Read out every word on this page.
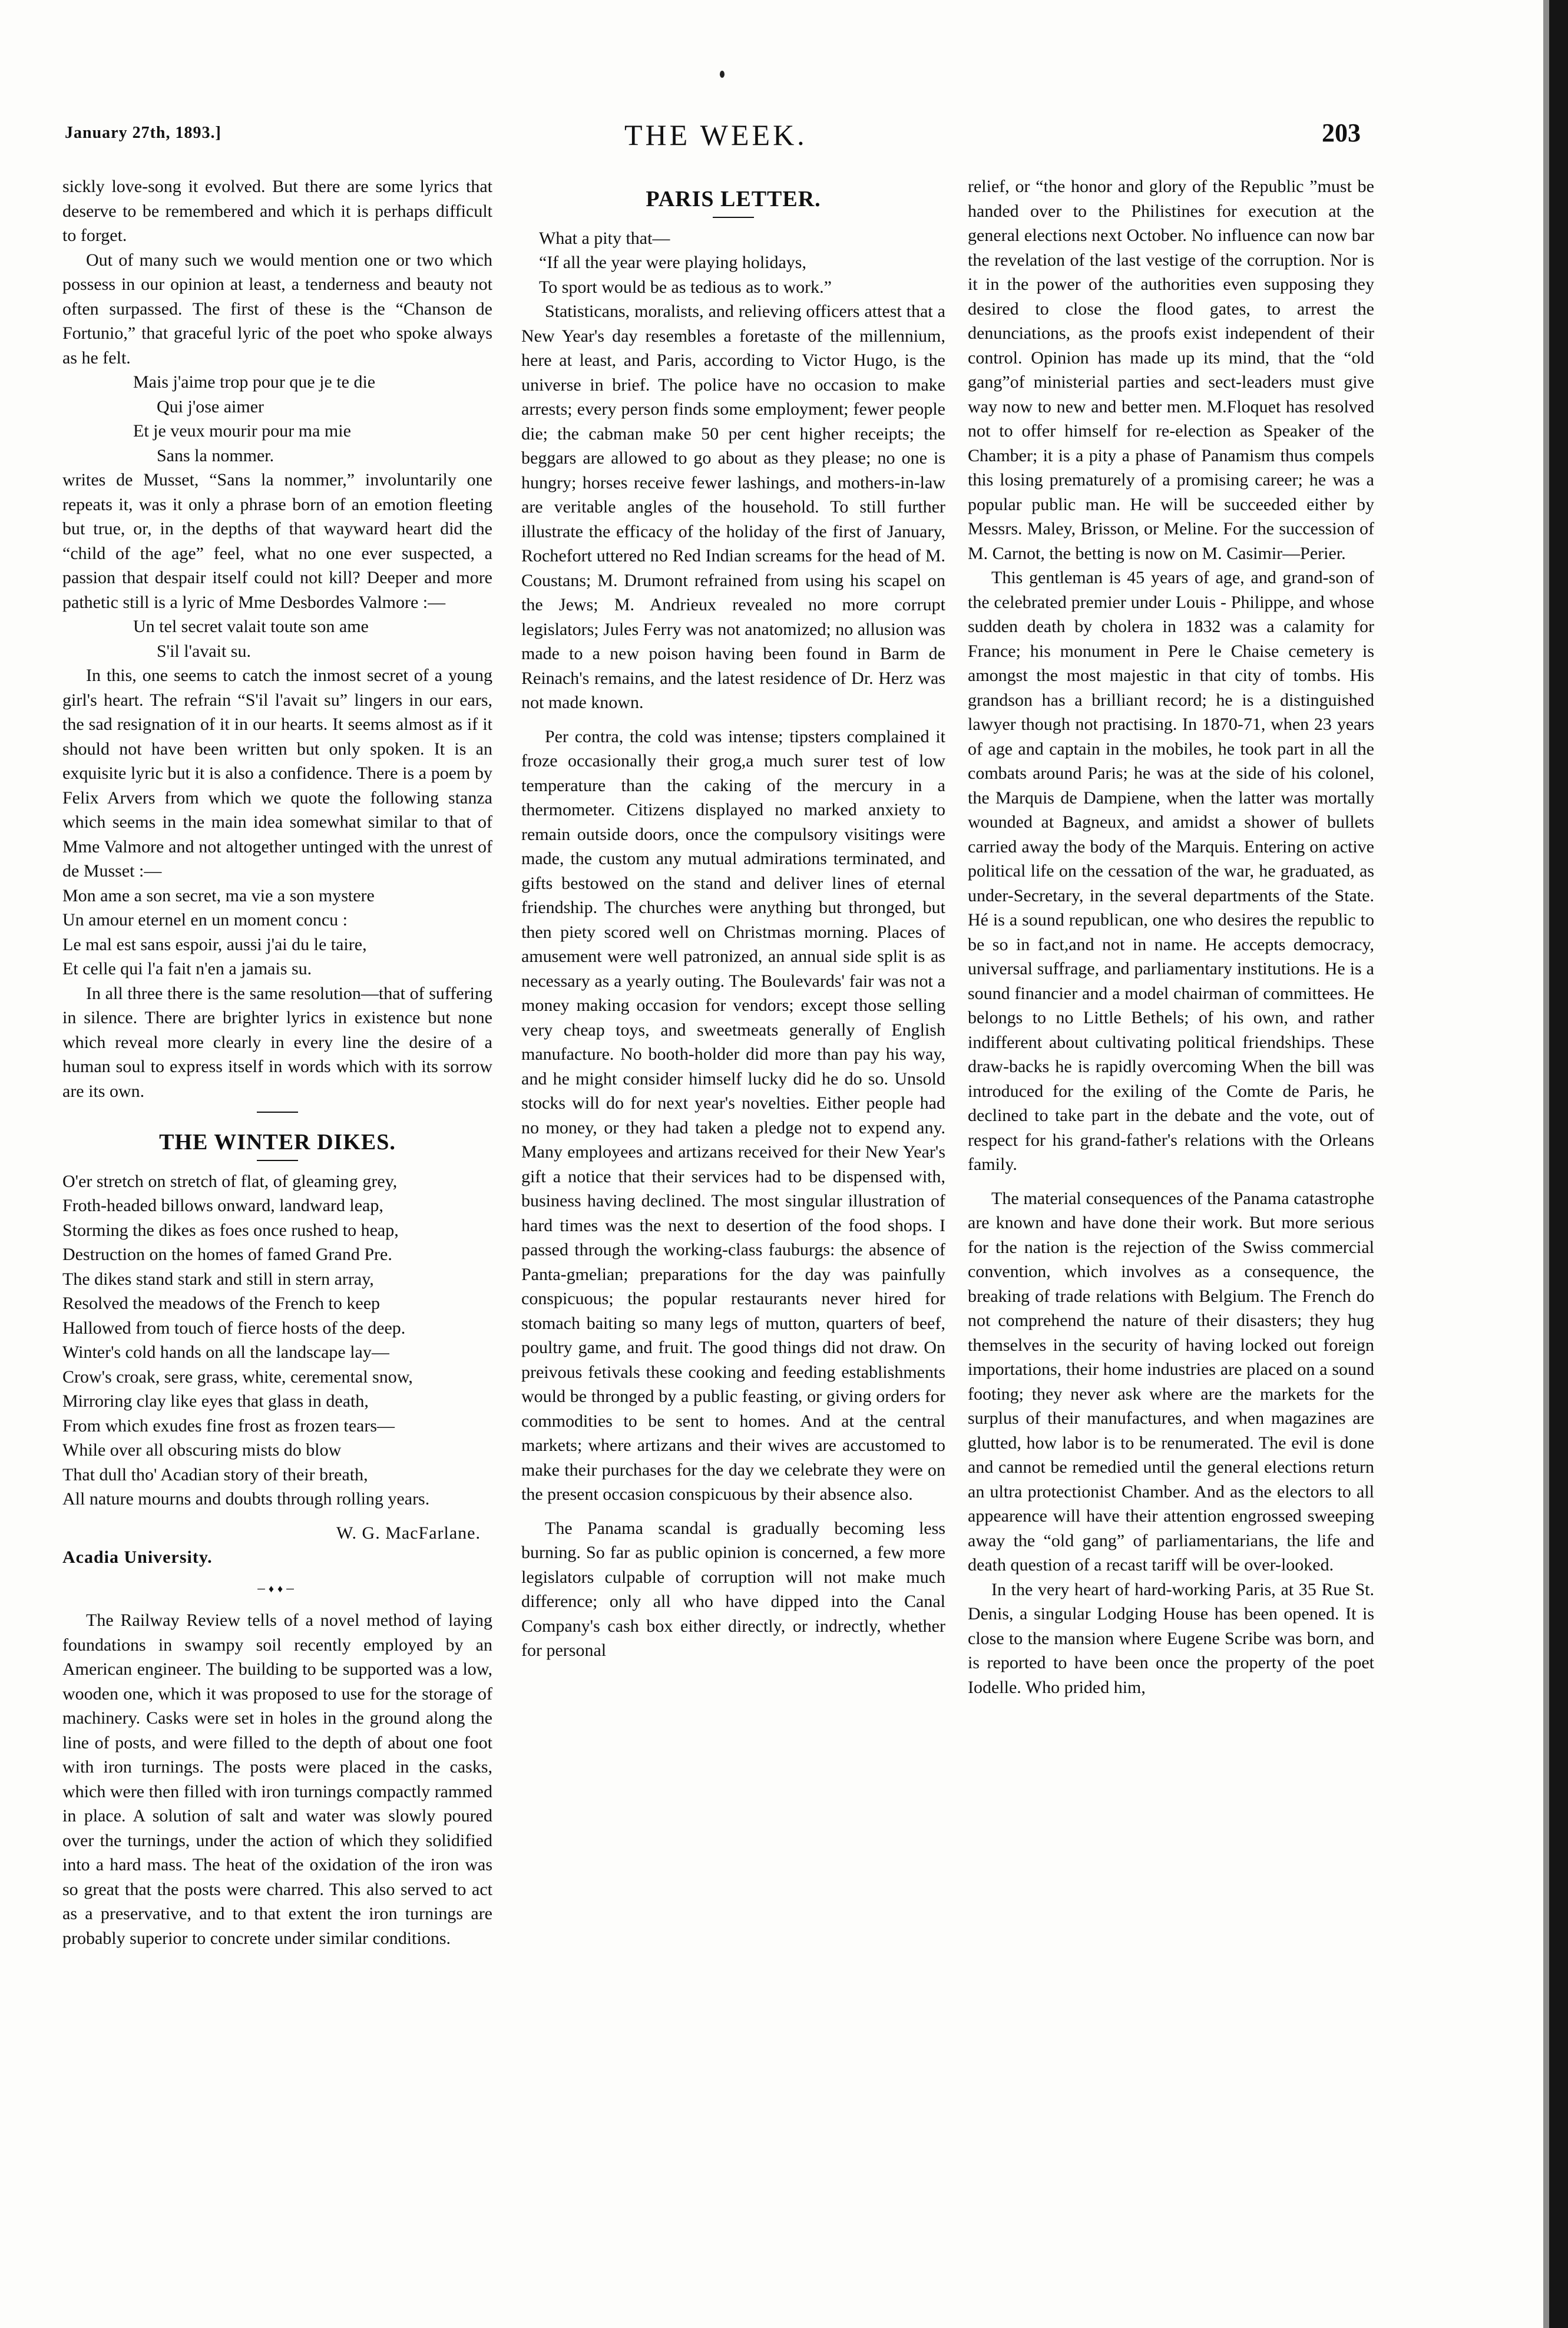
January 27th, 1893.]	THE WEEK.	203

sickly love-song it evolved. But there are some lyrics that deserve to be remembered and which it is perhaps difficult to forget.

Out of many such we would mention one or two which possess in our opinion at least, a tenderness and beauty not often surpassed. The first of these is the “Chanson de Fortunio,” that graceful lyric of the poet who spoke always as he felt.

Mais j'aime trop pour que je te die
Qui j'ose aimer
Et je veux mourir pour ma mie
Sans la nommer.

writes de Musset, “Sans la nommer,” involuntarily one repeats it, was it only a phrase born of an emotion fleeting but true, or, in the depths of that wayward heart did the “child of the age” feel, what no one ever suspected, a passion that despair itself could not kill? Deeper and more pathetic still is a lyric of Mme Desbordes Valmore :—

Un tel secret valait toute son ame
S'il l'avait su.

In this, one seems to catch the inmost secret of a young girl's heart. The refrain “S'il l'avait su” lingers in our ears, the sad resignation of it in our hearts. It seems almost as if it should not have been written but only spoken. It is an exquisite lyric but it is also a confidence. There is a poem by Felix Arvers from which we quote the following stanza which seems in the main idea somewhat similar to that of Mme Valmore and not altogether untinged with the unrest of de Musset :—

Mon ame a son secret, ma vie a son mystere
Un amour eternel en un moment concu :
Le mal est sans espoir, aussi j'ai du le taire,
Et celle qui l'a fait n'en a jamais su.

In all three there is the same resolution—that of suffering in silence. There are brighter lyrics in existence but none which reveal more clearly in every line the desire of a human soul to express itself in words which with its sorrow are its own.

THE WINTER DIKES.
O'er stretch on stretch of flat, of gleaming grey,
Froth-headed billows onward, landward leap,
Storming the dikes as foes once rushed to heap,
Destruction on the homes of famed Grand Pre.
The dikes stand stark and still in stern array,
Resolved the meadows of the French to keep
Hallowed from touch of fierce hosts of the deep.
Winter's cold hands on all the landscape lay—
Crow's croak, sere grass, white, ceremental snow,
Mirroring clay like eyes that glass in death,
From which exudes fine frost as frozen tears—
While over all obscuring mists do blow
That dull tho' Acadian story of their breath,
All nature mourns and doubts through rolling years.
W. G. MacFarlane.
Acadia University.
─♦♦─

The Railway Review tells of a novel method of laying foundations in swampy soil recently employed by an American engineer. The building to be supported was a low, wooden one, which it was proposed to use for the storage of machinery. Casks were set in holes in the ground along the line of posts, and were filled to the depth of about one foot with iron turnings. The posts were placed in the casks, which were then filled with iron turnings compactly rammed in place. A solution of salt and water was slowly poured over the turnings, under the action of which they solidified into a hard mass. The heat of the oxidation of the iron was so great that the posts were charred. This also served to act as a preservative, and to that extent the iron turnings are probably superior to concrete under similar conditions.

PARIS LETTER.
What a pity that—
“If all the year were playing holidays,
To sport would be as tedious as to work.”

Statisticans, moralists, and relieving officers attest that a New Year's day resembles a foretaste of the millennium, here at least, and Paris, according to Victor Hugo, is the universe in brief. The police have no occasion to make arrests; every person finds some employment; fewer people die; the cabman make 50 per cent higher receipts; the beggars are allowed to go about as they please; no one is hungry; horses receive fewer lashings, and mothers-in-law are veritable angles of the household. To still further illustrate the efficacy of the holiday of the first of January, Rochefort uttered no Red Indian screams for the head of M. Coustans; M. Drumont refrained from using his scapel on the Jews; M. Andrieux revealed no more corrupt legislators; Jules Ferry was not anatomized; no allusion was made to a new poison having been found in Barm de Reinach's remains, and the latest residence of Dr. Herz was not made known.

Per contra, the cold was intense; tipsters complained it froze occasionally their grog,a much surer test of low temperature than the caking of the mercury in a thermometer. Citizens displayed no marked anxiety to remain outside doors, once the compulsory visitings were made, the custom any mutual admirations terminated, and gifts bestowed on the stand and deliver lines of eternal friendship. The churches were anything but thronged, but then piety scored well on Christmas morning. Places of amusement were well patronized, an annual side split is as necessary as a yearly outing. The Boulevards' fair was not a money making occasion for vendors; except those selling very cheap toys, and sweetmeats generally of English manufacture. No booth-holder did more than pay his way, and he might consider himself lucky did he do so. Unsold stocks will do for next year's novelties. Either people had no money, or they had taken a pledge not to expend any. Many employees and artizans received for their New Year's gift a notice that their services had to be dispensed with, business having declined. The most singular illustration of hard times was the next to desertion of the food shops. I passed through the working-class fauburgs: the absence of Panta-gmelian; preparations for the day was painfully conspicuous; the popular restaurants never hired for stomach baiting so many legs of mutton, quarters of beef, poultry game, and fruit. The good things did not draw. On preivous fetivals these cooking and feeding establishments would be thronged by a public feasting, or giving orders for commodities to be sent to homes. And at the central markets; where artizans and their wives are accustomed to make their purchases for the day we celebrate they were on the present occasion conspicuous by their absence also.

The Panama scandal is gradually becoming less burning. So far as public opinion is concerned, a few more legislators culpable of corruption will not make much difference; only all who have dipped into the Canal Company's cash box either directly, or indrectly, whether for personal

relief, or “the honor and glory of the Republic ”must be handed over to the Philistines for execution at the general elections next October. No influence can now bar the revelation of the last vestige of the corruption. Nor is it in the power of the authorities even supposing they desired to close the flood gates, to arrest the denunciations, as the proofs exist independent of their control. Opinion has made up its mind, that the “old gang”of ministerial parties and sect-leaders must give way now to new and better men. M.Floquet has resolved not to offer himself for re-election as Speaker of the Chamber; it is a pity a phase of Panamism thus compels this losing prematurely of a promising career; he was a popular public man. He will be succeeded either by Messrs. Maley, Brisson, or Meline. For the succession of M. Carnot, the betting is now on M. Casimir—Perier.

This gentleman is 45 years of age, and grand-son of the celebrated premier under Louis - Philippe, and whose sudden death by cholera in 1832 was a calamity for France; his monument in Pere le Chaise cemetery is amongst the most majestic in that city of tombs. His grandson has a brilliant record; he is a distinguished lawyer though not practising. In 1870-71, when 23 years of age and captain in the mobiles, he took part in all the combats around Paris; he was at the side of his colonel, the Marquis de Dampiene, when the latter was mortally wounded at Bagneux, and amidst a shower of bullets carried away the body of the Marquis. Entering on active political life on the cessation of the war, he graduated, as under-Secretary, in the several departments of the State. Hé is a sound republican, one who desires the republic to be so in fact,and not in name. He accepts democracy, universal suffrage, and parliamentary institutions. He is a sound financier and a model chairman of committees. He belongs to no Little Bethels; of his own, and rather indifferent about cultivating political friendships. These draw-backs he is rapidly overcoming When the bill was introduced for the exiling of the Comte de Paris, he declined to take part in the debate and the vote, out of respect for his grand-father's relations with the Orleans family.

The material consequences of the Panama catastrophe are known and have done their work. But more serious for the nation is the rejection of the Swiss commercial convention, which involves as a consequence, the breaking of trade relations with Belgium. The French do not comprehend the nature of their disasters; they hug themselves in the security of having locked out foreign importations, their home industries are placed on a sound footing; they never ask where are the markets for the surplus of their manufactures, and when magazines are glutted, how labor is to be renumerated. The evil is done and cannot be remedied until the general elections return an ultra protectionist Chamber. And as the electors to all appearence will have their attention engrossed sweeping away the “old gang” of parliamentarians, the life and death question of a recast tariff will be over-looked.

In the very heart of hard-working Paris, at 35 Rue St. Denis, a singular Lodging House has been opened. It is close to the mansion where Eugene Scribe was born, and is reported to have been once the property of the poet Iodelle. Who prided him,
